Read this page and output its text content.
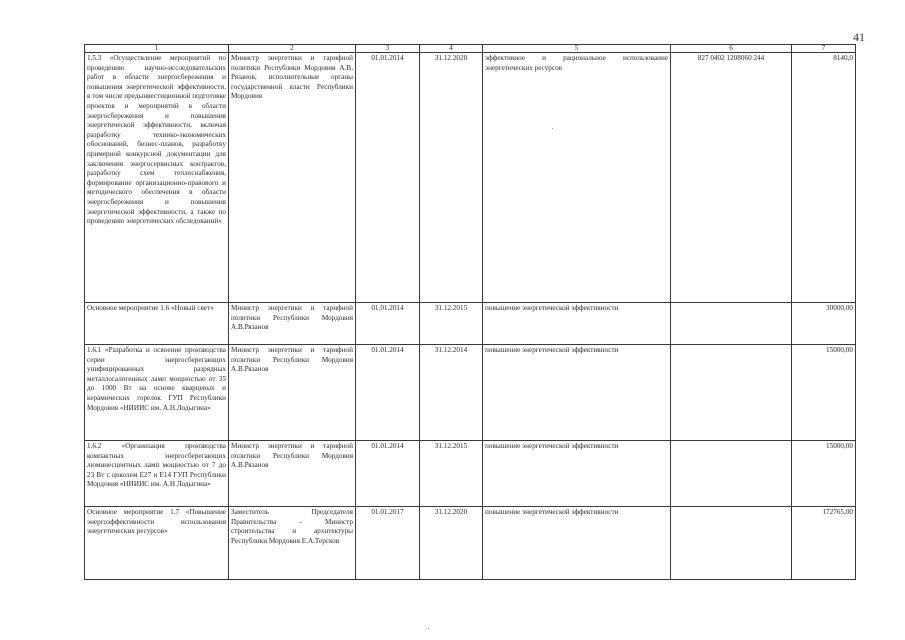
41
1	2	3	4	5	6	7
1.5.3 «Осуществление мероприятий по проведению научно-исследовательских работ в области энергосбережения и повышения энергетической эффективности, в том числе предынвестиционной подготовке проектов и мероприятий в области энергосбережения и повышения энергетической эффективности, включая разработку технико-экономических обоснований, бизнес-планов, разработку примерной конкурсной документации для заключения энергосервисных контрактов, разработку схем теплоснабжения, формирование организационно-правового и методического обеспечения в области энергосбережения и повышения энергетической эффективности, а также по проведению энергетических обследований»	Министр энергетики и тарифной политики Республики Мордовия А.В. Рязанов, исполнительные органы государственной власти Республики Мордовия	01.01.2014	31.12.2020	эффективное и рациональное использование энергетических ресурсов	827 0402 1208060 244	8140,0
Основное мероприятие 1.6 «Новый свет»	Министр энергетики и тарифной политики Республики Мордовия А.В.Рязанов	01.01.2014	31.12.2015	повышение энергетической эффективности		30000,00
1.6.1 «Разработка и освоение производства серии энергосберегающих унифицированных разрядных металлогалогенных ламп мощностью от 35 до 1000 Вт на основе кварцевых и керамических горелок ГУП Республики Мордовия «НИИИС им. А.Н.Лодыгина»	Министр энергетики и тарифной политики Республики Мордовия А.В.Рязанов	01.01.2014	31.12.2014	повышение энергетической эффективности		15000,00
1.6.2 «Организация производства компактных энергосберегающих люминесцентных ламп мощностью от 7 до 23 Вт с цоколем Е27 и Е14 ГУП Республики Мордовия «НИИИС им. А.Н Лодыгина»	Министр энергетики и тарифной политики Республики Мордовия А.В.Рязанов	01.01.2014	31.12.2015	повышение энергетической эффективности		15000,00
Основное мероприятие 1.7 «Повышение энергоэффективности использования энергетических ресурсов»	Заместитель Председателя Правительства - Министр строительства и архитектуры Республики Мордовия Е.А.Терсков	01.01.2017	31.12.2020	повышение энергетической эффективности		172765,00
